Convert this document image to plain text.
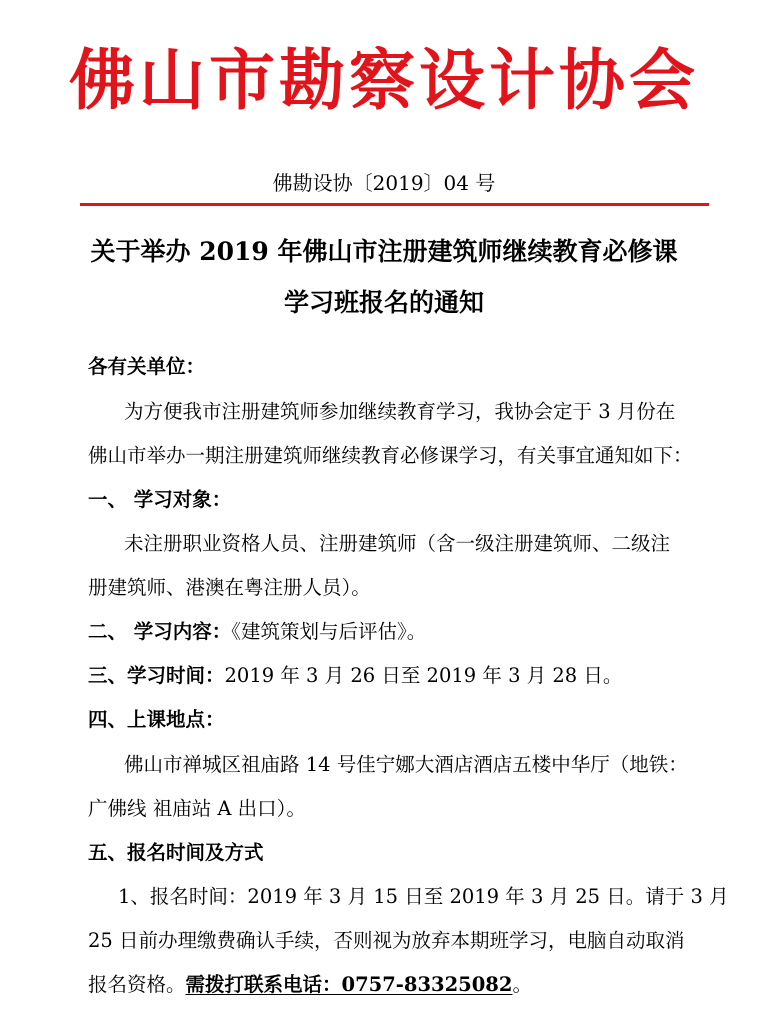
佛山市勘察设计协会
佛勘设协〔2019〕04 号
关于举办 2019 年佛山市注册建筑师继续教育必修课
学习班报名的通知
各有关单位：
为方便我市注册建筑师参加继续教育学习，我协会定于 3 月份在
佛山市举办一期注册建筑师继续教育必修课学习，有关事宜通知如下：
一、 学习对象：
未注册职业资格人员、注册建筑师（含一级注册建筑师、二级注
册建筑师、港澳在粤注册人员）。
二、 学习内容：《建筑策划与后评估》。
三、学习时间：2019 年 3 月 26 日至 2019 年 3 月 28 日。
四、上课地点：
佛山市禅城区祖庙路 14 号佳宁娜大酒店酒店五楼中华厅（地铁：
广佛线 祖庙站 A 出口）。
五、报名时间及方式
1、报名时间：2019 年 3 月 15 日至 2019 年 3 月 25 日。请于 3 月
25 日前办理缴费确认手续，否则视为放弃本期班学习，电脑自动取消
报名资格。需拨打联系电话：0757-83325082。
